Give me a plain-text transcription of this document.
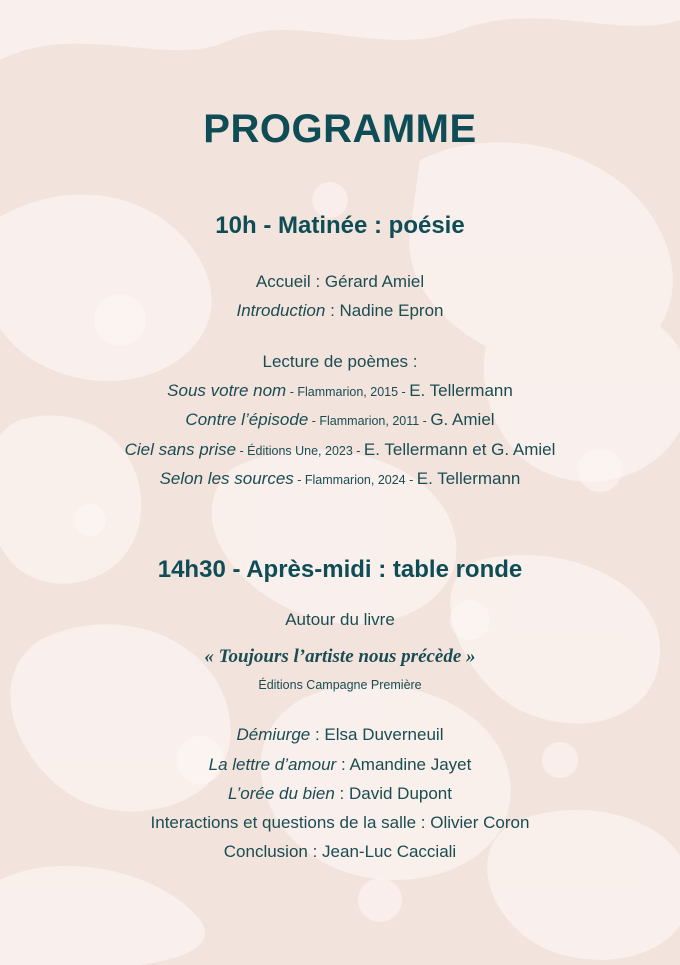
PROGRAMME
10h - Matinée : poésie
Accueil : Gérard Amiel
Introduction : Nadine Epron
Lecture de poèmes :
Sous votre nom - Flammarion, 2015 - E. Tellermann
Contre l’épisode - Flammarion, 2011 - G. Amiel
Ciel sans prise - Éditions Une, 2023 - E. Tellermann et G. Amiel
Selon les sources - Flammarion, 2024 - E. Tellermann
14h30 - Après-midi : table ronde
Autour du livre
« Toujours l’artiste nous précède »
Éditions Campagne Première
Démiurge : Elsa Duverneuil
La lettre d’amour : Amandine Jayet
L’orée du bien : David Dupont
Interactions et questions de la salle : Olivier Coron
Conclusion : Jean-Luc Cacciali
